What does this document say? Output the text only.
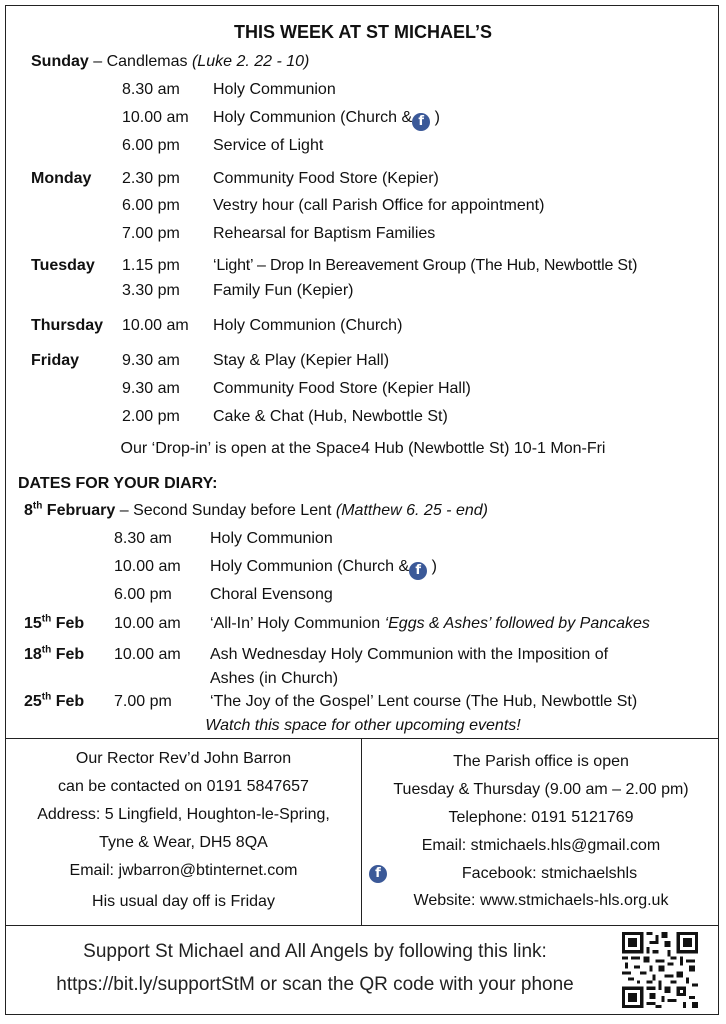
THIS WEEK AT ST MICHAEL’S
Sunday – Candlemas (Luke 2. 22 - 10)
8.30 am Holy Communion
10.00 am Holy Communion (Church & f )
6.00 pm Service of Light
Monday 2.30 pm Community Food Store (Kepier)
6.00 pm Vestry hour (call Parish Office for appointment)
7.00 pm Rehearsal for Baptism Families
Tuesday 1.15 pm ‘Light’ – Drop In Bereavement Group (The Hub, Newbottle St)
3.30 pm Family Fun (Kepier)
Thursday 10.00 am Holy Communion (Church)
Friday	9.30 am Stay & Play (Kepier Hall)
9.30 am Community Food Store (Kepier Hall)
2.00 pm Cake & Chat (Hub, Newbottle St)
Our ‘Drop-in’ is open at the Space4 Hub (Newbottle St) 10-1 Mon-Fri
DATES FOR YOUR DIARY:
8th February – Second Sunday before Lent (Matthew 6. 25 - end)
8.30 am Holy Communion
10.00 am Holy Communion (Church & f )
6.00 pm Choral Evensong
15th Feb 10.00 am ‘All-In’ Holy Communion ‘Eggs & Ashes’ followed by Pancakes
18th Feb 10.00 am Ash Wednesday Holy Communion with the Imposition of
Ashes (in Church)
25th Feb 7.00 pm ‘The Joy of the Gospel’ Lent course (The Hub, Newbottle St)
Watch this space for other upcoming events!
Our Rector Rev’d John Barron
can be contacted on 0191 5847657
Address: 5 Lingfield, Houghton-le-Spring,
Tyne & Wear, DH5 8QA
Email: jwbarron@btinternet.com
His usual day off is Friday
The Parish office is open
Tuesday & Thursday (9.00 am – 2.00 pm)
Telephone: 0191 5121769
Email: stmichaels.hls@gmail.com
f	Facebook: stmichaelshls
Website: www.stmichaels-hls.org.uk
Support St Michael and All Angels by following this link:
https://bit.ly/supportStM or scan the QR code with your phone
